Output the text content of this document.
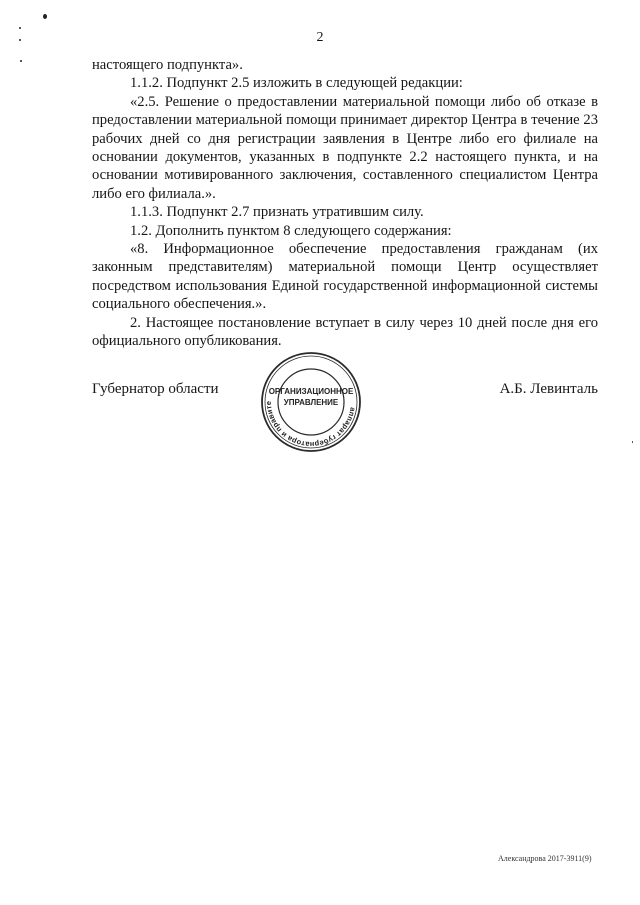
2

настоящего подпункта».

1.1.2. Подпункт 2.5 изложить в следующей редакции:

«2.5. Решение о предоставлении материальной помощи либо об отказе в предоставлении материальной помощи принимает директор Центра в течение 23 рабочих дней со дня регистрации заявления в Центре либо его филиале на основании документов, указанных в подпункте 2.2 настоящего пункта, и на основании мотивированного заключения, составленного специалистом Центра либо его филиала.».

1.1.3. Подпункт 2.7 признать утратившим силу.

1.2. Дополнить пунктом 8 следующего содержания:

«8. Информационное обеспечение предоставления гражданам (их законным представителям) материальной помощи Центр осуществляет посредством использования Единой государственной информационной системы социального обеспечения.».

2. Настоящее постановление вступает в силу через 10 дней после дня его официального опубликования.

Губернатор области
аппарат губернатора и правите
ОРГАНИЗАЦИОННОЕ
УПРАВЛЕНИЕ
А.Б. Левинталь
Александрова 2017-3911(9)
